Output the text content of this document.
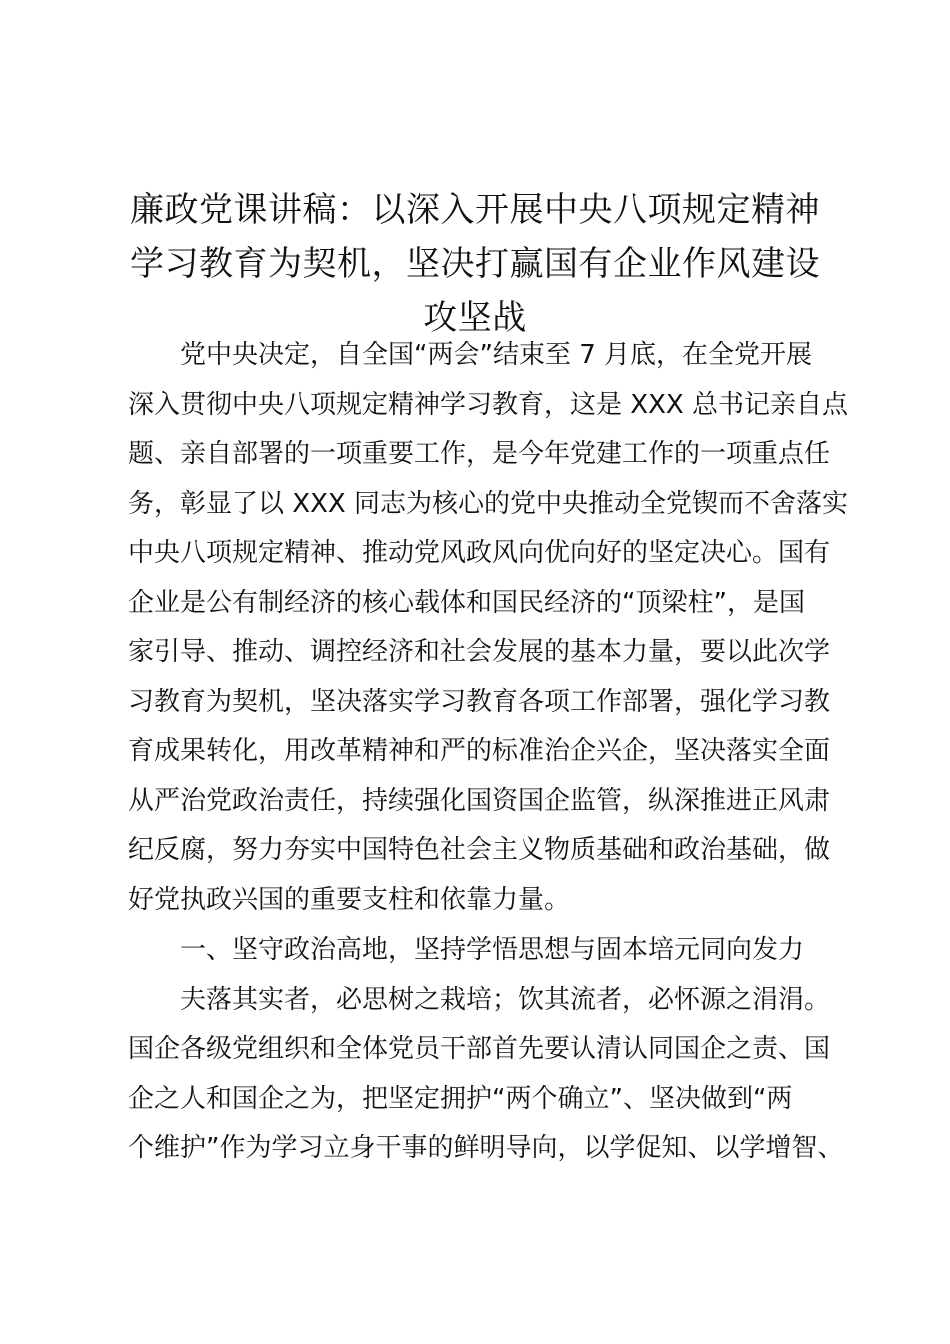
廉政党课讲稿：以深入开展中央八项规定精神
学习教育为契机，坚决打赢国有企业作风建设
攻坚战
党中央决定，自全国“两会”结束至 7 月底，在全党开展
深入贯彻中央八项规定精神学习教育，这是 XXX 总书记亲自点
题、亲自部署的一项重要工作，是今年党建工作的一项重点任
务，彰显了以 XXX 同志为核心的党中央推动全党锲而不舍落实
中央八项规定精神、推动党风政风向优向好的坚定决心。国有
企业是公有制经济的核心载体和国民经济的“顶梁柱”，是国
家引导、推动、调控经济和社会发展的基本力量，要以此次学
习教育为契机，坚决落实学习教育各项工作部署，强化学习教
育成果转化，用改革精神和严的标准治企兴企，坚决落实全面
从严治党政治责任，持续强化国资国企监管，纵深推进正风肃
纪反腐，努力夯实中国特色社会主义物质基础和政治基础，做
好党执政兴国的重要支柱和依靠力量。
一、坚守政治高地，坚持学悟思想与固本培元同向发力
夫落其实者，必思树之栽培；饮其流者，必怀源之涓涓。
国企各级党组织和全体党员干部首先要认清认同国企之责、国
企之人和国企之为，把坚定拥护“两个确立”、坚决做到“两
个维护”作为学习立身干事的鲜明导向，以学促知、以学增智、
